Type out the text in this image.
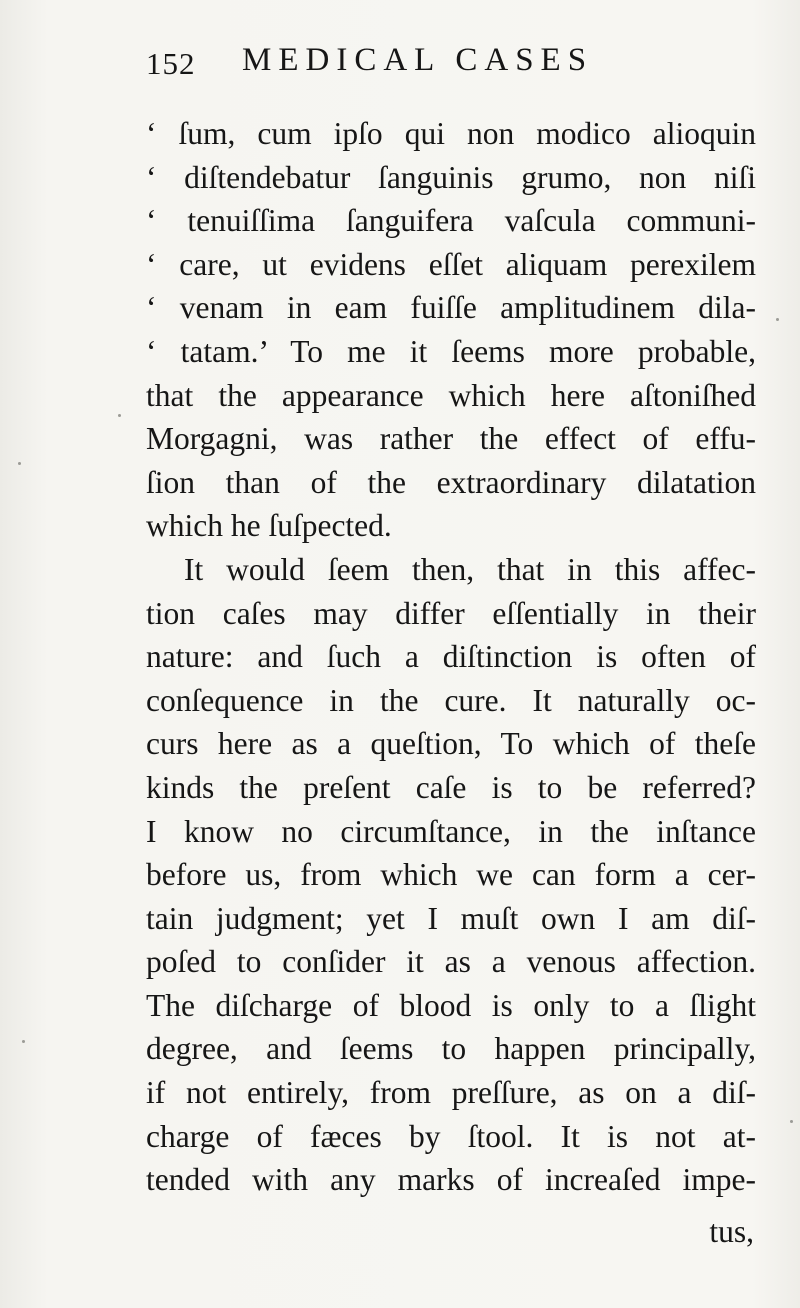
152 MEDICAL CASES
‘ ſum, cum ipſo qui non modico alioquin
‘ diſtendebatur ſanguinis grumo, non niſi
‘ tenuiſſima ſanguifera vaſcula communi-
‘ care, ut evidens eſſet aliquam perexilem
‘ venam in eam fuiſſe amplitudinem dila-
‘ tatam.’ To me it ſeems more probable,
that the appearance which here aſtoniſhed
Morgagni, was rather the effect of effu-
ſion than of the extraordinary dilatation
which he ſuſpected.
It would ſeem then, that in this affec-
tion caſes may differ eſſentially in their
nature: and ſuch a diſtinction is often of
conſequence in the cure. It naturally oc-
curs here as a queſtion, To which of theſe
kinds the preſent caſe is to be referred?
I know no circumſtance, in the inſtance
before us, from which we can form a cer-
tain judgment; yet I muſt own I am diſ-
poſed to conſider it as a venous affection.
The diſcharge of blood is only to a ſlight
degree, and ſeems to happen principally,
if not entirely, from preſſure, as on a diſ-
charge of fæces by ſtool. It is not at-
tended with any marks of increaſed impe-
tus,
